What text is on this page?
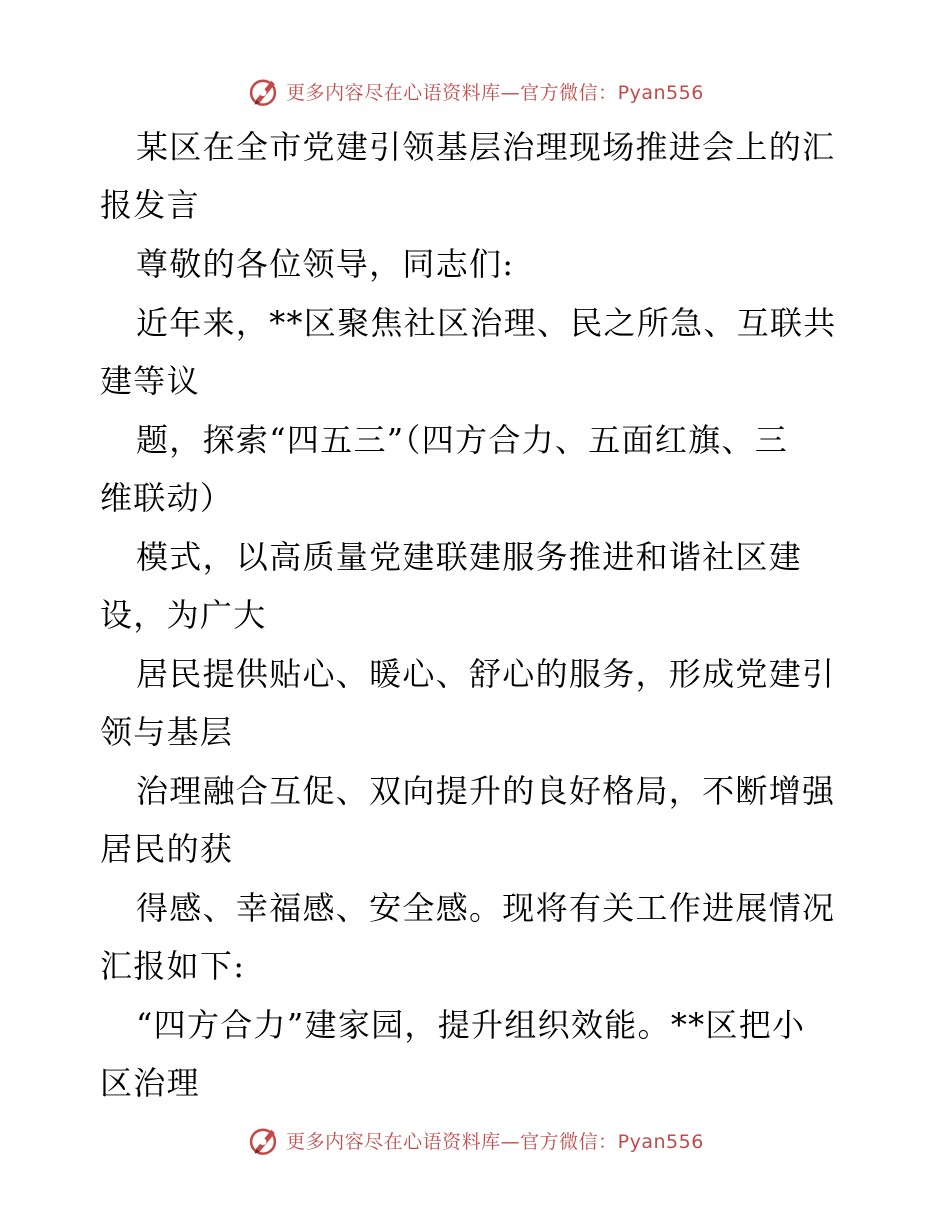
更多内容尽在心语资料库—官方微信：Pyan556
某区在全市党建引领基层治理现场推进会上的汇
报发言
尊敬的各位领导，同志们:
近年来，**区聚焦社区治理、民之所急、互联共
建等议
题，探索“四五三”（四方合力、五面红旗、三
维联动）
模式，以高质量党建联建服务推进和谐社区建
设，为广大
居民提供贴心、暖心、舒心的服务，形成党建引
领与基层
治理融合互促、双向提升的良好格局，不断增强
居民的获
得感、幸福感、安全感。现将有关工作进展情况
汇报如下:
“四方合力”建家园，提升组织效能。**区把小
区治理
更多内容尽在心语资料库—官方微信：Pyan556
